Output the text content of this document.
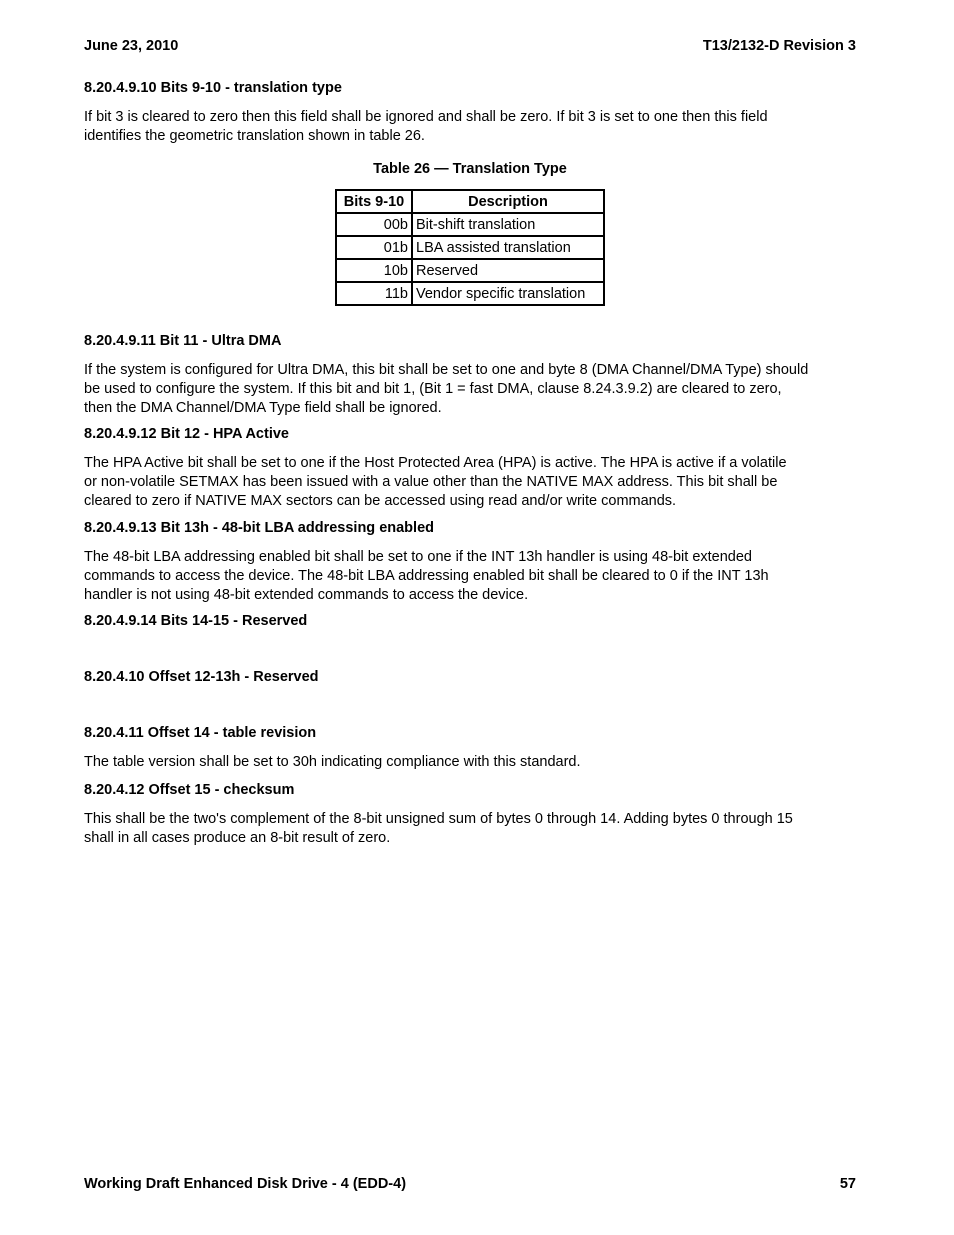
June 23, 2010	T13/2132-D Revision 3
8.20.4.9.10 Bits 9-10 - translation type
If bit 3 is cleared to zero then this field shall be ignored and shall be zero. If bit 3 is set to one then this field
identifies the geometric translation shown in table 26.
Table 26 — Translation Type
Bits 9-10	Description
00b	Bit-shift translation
01b	LBA assisted translation
10b	Reserved
11b	Vendor specific translation
8.20.4.9.11 Bit 11 - Ultra DMA
If the system is configured for Ultra DMA, this bit shall be set to one and byte 8 (DMA Channel/DMA Type) should
be used to configure the system. If this bit and bit 1, (Bit 1 = fast DMA, clause 8.24.3.9.2) are cleared to zero,
then the DMA Channel/DMA Type field shall be ignored.
8.20.4.9.12 Bit 12 - HPA Active
The HPA Active bit shall be set to one if the Host Protected Area (HPA) is active. The HPA is active if a volatile
or non-volatile SETMAX has been issued with a value other than the NATIVE MAX address. This bit shall be
cleared to zero if NATIVE MAX sectors can be accessed using read and/or write commands.
8.20.4.9.13 Bit 13h - 48-bit LBA addressing enabled
The 48-bit LBA addressing enabled bit shall be set to one if the INT 13h handler is using 48-bit extended
commands to access the device. The 48-bit LBA addressing enabled bit shall be cleared to 0 if the INT 13h
handler is not using 48-bit extended commands to access the device.
8.20.4.9.14 Bits 14-15 - Reserved
8.20.4.10 Offset 12-13h - Reserved
8.20.4.11 Offset 14 - table revision
The table version shall be set to 30h indicating compliance with this standard.
8.20.4.12 Offset 15 - checksum
This shall be the two's complement of the 8-bit unsigned sum of bytes 0 through 14. Adding bytes 0 through 15
shall in all cases produce an 8-bit result of zero.
Working Draft Enhanced Disk Drive - 4 (EDD-4)	57
